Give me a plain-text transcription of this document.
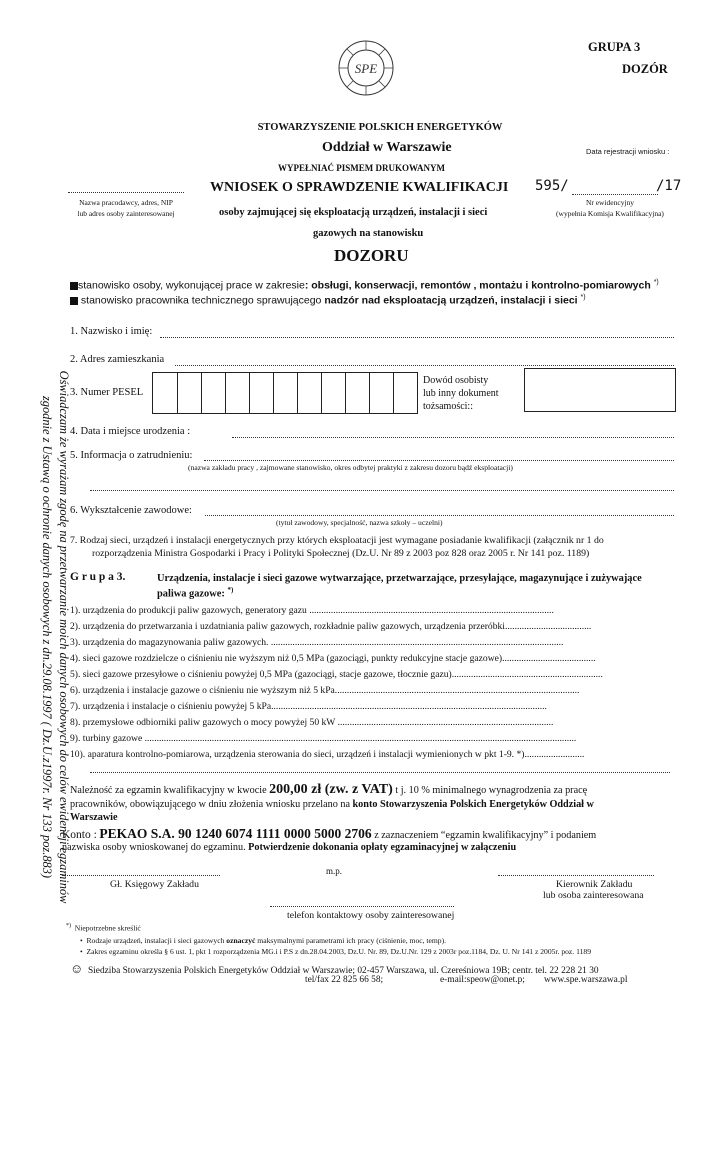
Oświadczam że wyrażam zgodę na przetwarzanie moich danych osobowych do celów ewidencji egzaminów
zgodnie z Ustawą o ochronie danych osobowych z dn.29.08.1997 ( Dz.U.z1997r. Nr 133 poz.883)
SPE
GRUPA 3
DOZÓR
STOWARZYSZENIE POLSKICH ENERGETYKÓW
Oddział w Warszawie	Data rejestracji wniosku :
WYPEŁNIAĆ PISMEM DRUKOWANYM
Nazwa pracodawcy, adres, NIP
lub adres osoby zainteresowanej
WNIOSEK O SPRAWDZENIE KWALIFIKACJI
osoby zajmującej się eksploatacją urządzeń, instalacji i sieci
gazowych na stanowisku
DOZORU
595/	/17
Nr ewidencyjny
(wypełnia Komisja Kwalifikacyjna)
stanowisko osoby, wykonującej prace w zakresie: obsługi, konserwacji, remontów , montażu i kontrolno-pomiarowych *)
stanowisko pracownika technicznego sprawującego nadzór nad eksploatacją urządzeń, instalacji i sieci *)
1. Nazwisko i imię:
2. Adres zamieszkania
3. Numer PESEL
Dowód osobisty
lub inny dokument
tożsamości::
4. Data i miejsce urodzenia :
5. Informacja o zatrudnieniu:
(nazwa zakładu pracy , zajmowane stanowisko, okres odbytej praktyki z zakresu dozoru bądź eksploatacji)
6. Wykształcenie zawodowe:
(tytuł zawodowy, specjalność, nazwa szkoły – uczelni)
7. Rodzaj sieci, urządzeń i instalacji energetycznych przy których eksploatacji jest wymagane posiadanie kwalifikacji (załącznik nr 1 do
rozporządzenia Ministra Gospodarki i Pracy i Polityki Społecznej (Dz.U. Nr 89 z 2003 poz 828 oraz 2005 r. Nr 141 poz. 1189)
G r u p a 3.	Urządzenia, instalacje i sieci gazowe wytwarzające, przetwarzające, przesyłające, magazynujące i zużywające
paliwa gazowe: *)
1). urządzenia do produkcji paliw gazowych, generatory gazu ......................................................................................................
2). urządzenia do przetwarzania i uzdatniania paliw gazowych, rozkładnie paliw gazowych, urządzenia przeróbki....................................
3). urządzenia do magazynowania paliw gazowych. ..........................................................................................................................
4). sieci gazowe rozdzielcze o ciśnieniu nie wyższym niż 0,5 MPa (gazociągi, punkty redukcyjne stacje gazowe).......................................
5). sieci gazowe przesyłowe o ciśnieniu powyżej 0,5 MPa (gazociągi, stacje gazowe, tłocznie gazu)...............................................................
6). urządzenia i instalacje gazowe o ciśnieniu nie wyższym niż 5 kPa......................................................................................................
7). urządzenia i instalacje o ciśnieniu powyżej 5 kPa...................................................................................................................
8). przemysłowe odbiorniki paliw gazowych o mocy powyżej 50 kW ..........................................................................................
9). turbiny gazowe ....................................................................................................................................................................................
10). aparatura kontrolno-pomiarowa, urządzenia sterowania do sieci, urządzeń i instalacji wymienionych w pkt 1-9. *).........................
Należność za egzamin kwalifikacyjny w kwocie 200,00 zł (zw. z VAT) t j. 10 % minimalnego wynagrodzenia za pracę
pracowników, obowiązującego w dniu złożenia wniosku przelano na konto Stowarzyszenia Polskich Energetyków Oddział w
Warszawie
Konto : PEKAO S.A. 90 1240 6074 1111 0000 5000 2706 z zaznaczeniem “egzamin kwalifikacyjny” i podaniem
nazwiska osoby wnioskowanej do egzaminu. Potwierdzenie dokonania opłaty egzaminacyjnej w załączeniu
m.p.
Gł. Księgowy Zakładu	Kierownik Zakładu
lub osoba zainteresowana
telefon kontaktowy osoby zainteresowanej
*) Niepotrzebne skreślić
• Rodzaje urządzeń, instalacji i sieci gazowych oznaczyć maksymalnymi parametrami ich pracy (ciśnienie, moc, temp).
• Zakres egzaminu określa § 6 ust. 1, pkt 1 rozporządzenia MG.i i P.S z dn.28.04.2003, Dz.U. Nr. 89, Dz.U.Nr. 129 z 2003r poz.1184, Dz. U. Nr 141 z 2005r. poz. 1189
☺ Siedziba Stowarzyszenia Polskich Energetyków Oddział w Warszawie; 02-457 Warszawa, ul. Czereśniowa 19B; centr. tel. 22 228 21 30
tel/fax 22 825 66 58;	e-mail:speow@onet.p; www.spe.warszawa.pl
